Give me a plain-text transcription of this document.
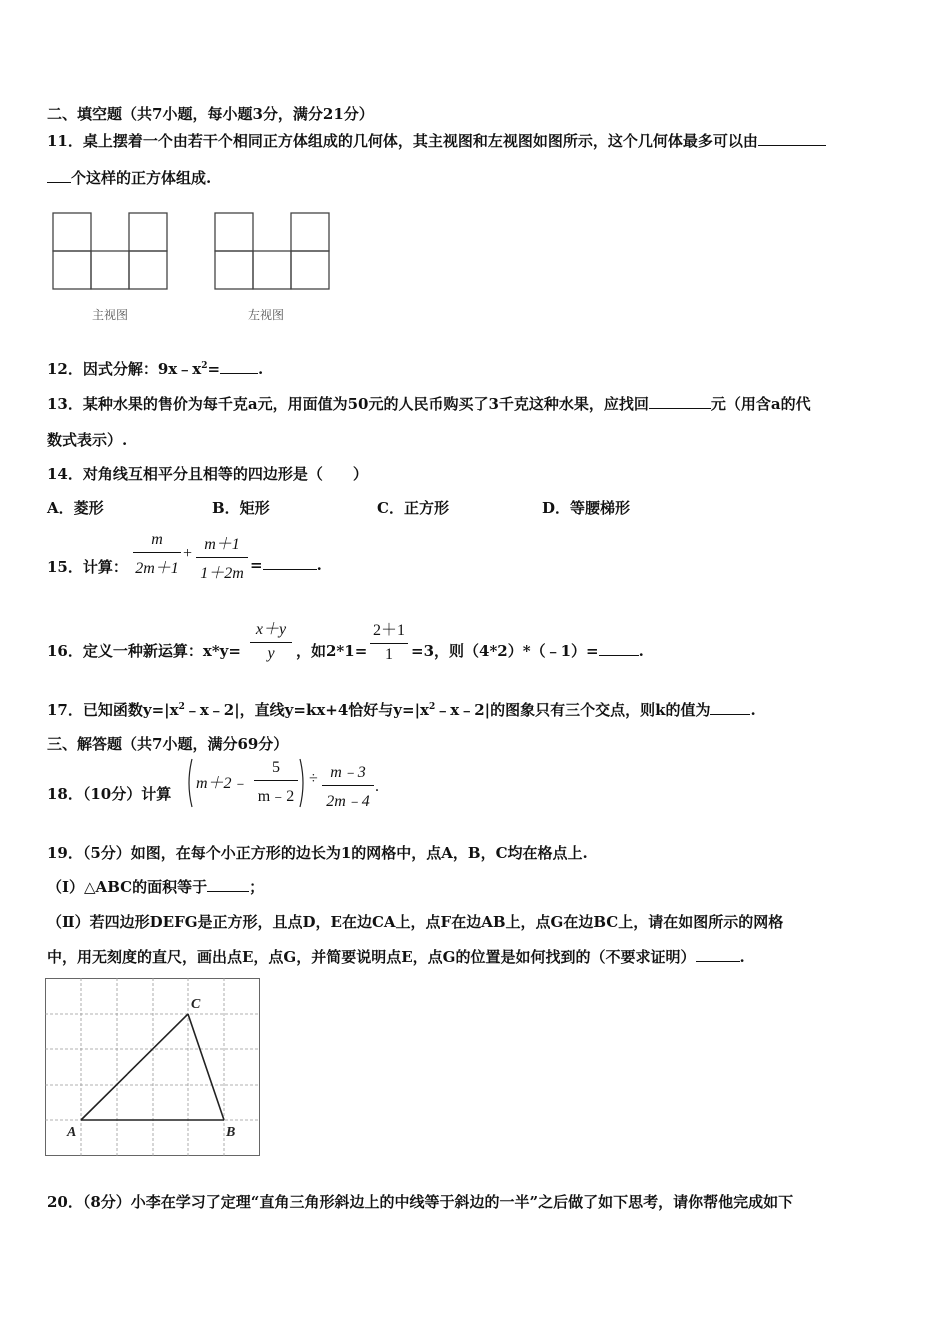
二、填空题（共7小题，每小题3分，满分21分）
11．桌上摆着一个由若干个相同正方体组成的几何体，其主视图和左视图如图所示，这个几何体最多可以由
个这样的正方体组成.
主视图	左视图
12．因式分解：$9x﹣x^2=$	.
13．某种水果的售价为每千克a元，用面值为50元的人民币购买了3千克这种水果，应找回	元（用含a的代
数式表示）.
14．对角线互相平分且相等的四边形是（　　）
A．菱形	B．矩形	C．正方形	D．等腰梯形
15．计算：
m
2m＋1
+
m＋1
1＋2m =	.
16．定义一种新运算：x*y=
x＋y
y	，如2*1=
2＋1
1	=3，则（4*2）*（﹣1）=	.
17．已知函数$y=|x^2﹣x﹣2|$，直线y=kx+4恰好与$y=|x^2﹣x﹣2|$的图象只有三个交点，则k的值为	.
三、解答题（共7小题，满分69分）
18．（10分）计算
m＋2﹣
5
m﹣2
÷ m﹣3
2m﹣4
.
19．（5分）如图，在每个小正方形的边长为1的网格中，点A，B，C均在格点上.
（Ⅰ）△ABC的面积等于	；
（Ⅱ）若四边形DEFG是正方形，且点D，E在边CA上，点F在边AB上，点G在边BC上，请在如图所示的网格
中，用无刻度的直尺，画出点E，点G，并简要说明点E，点G的位置是如何找到的（不要求证明）	.
A	B
C
20．（8分）小李在学习了定理“直角三角形斜边上的中线等于斜边的一半”之后做了如下思考，请你帮他完成如下
